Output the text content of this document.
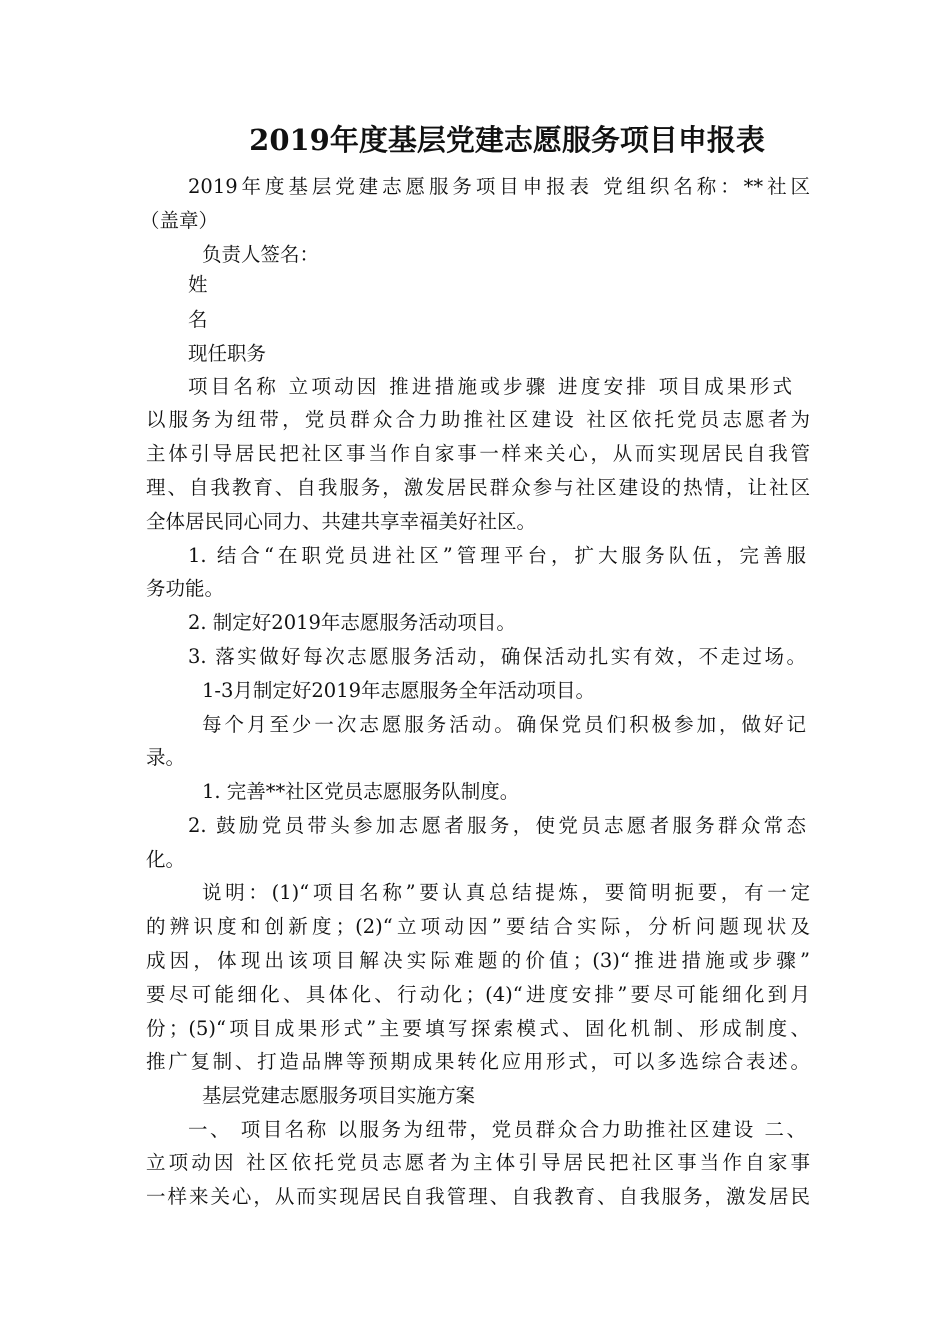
2019年度基层党建志愿服务项目申报表
2019年度基层党建志愿服务项目申报表 党组织名称：**社区
（盖章）
负责人签名：
姓
名
现任职务
项目名称 立项动因 推进措施或步骤 进度安排 项目成果形式
以服务为纽带，党员群众合力助推社区建设 社区依托党员志愿者为
主体引导居民把社区事当作自家事一样来关心，从而实现居民自我管
理、自我教育、自我服务，激发居民群众参与社区建设的热情，让社区
全体居民同心同力、共建共享幸福美好社区。
1. 结合“在职党员进社区”管理平台，扩大服务队伍，完善服
务功能。
2. 制定好2019年志愿服务活动项目。
3. 落实做好每次志愿服务活动，确保活动扎实有效，不走过场。
1-3月制定好2019年志愿服务全年活动项目。
每个月至少一次志愿服务活动。确保党员们积极参加，做好记
录。
1. 完善**社区党员志愿服务队制度。
2. 鼓励党员带头参加志愿者服务，使党员志愿者服务群众常态
化。
说明：(1)“项目名称”要认真总结提炼，要简明扼要，有一定
的辨识度和创新度；(2)“立项动因”要结合实际，分析问题现状及
成因，体现出该项目解决实际难题的价值；(3)“推进措施或步骤”
要尽可能细化、具体化、行动化；(4)“进度安排”要尽可能细化到月
份；(5)“项目成果形式”主要填写探索模式、固化机制、形成制度、
推广复制、打造品牌等预期成果转化应用形式，可以多选综合表述。
基层党建志愿服务项目实施方案
一、 项目名称 以服务为纽带，党员群众合力助推社区建设 二、
立项动因 社区依托党员志愿者为主体引导居民把社区事当作自家事
一样来关心，从而实现居民自我管理、自我教育、自我服务，激发居民
